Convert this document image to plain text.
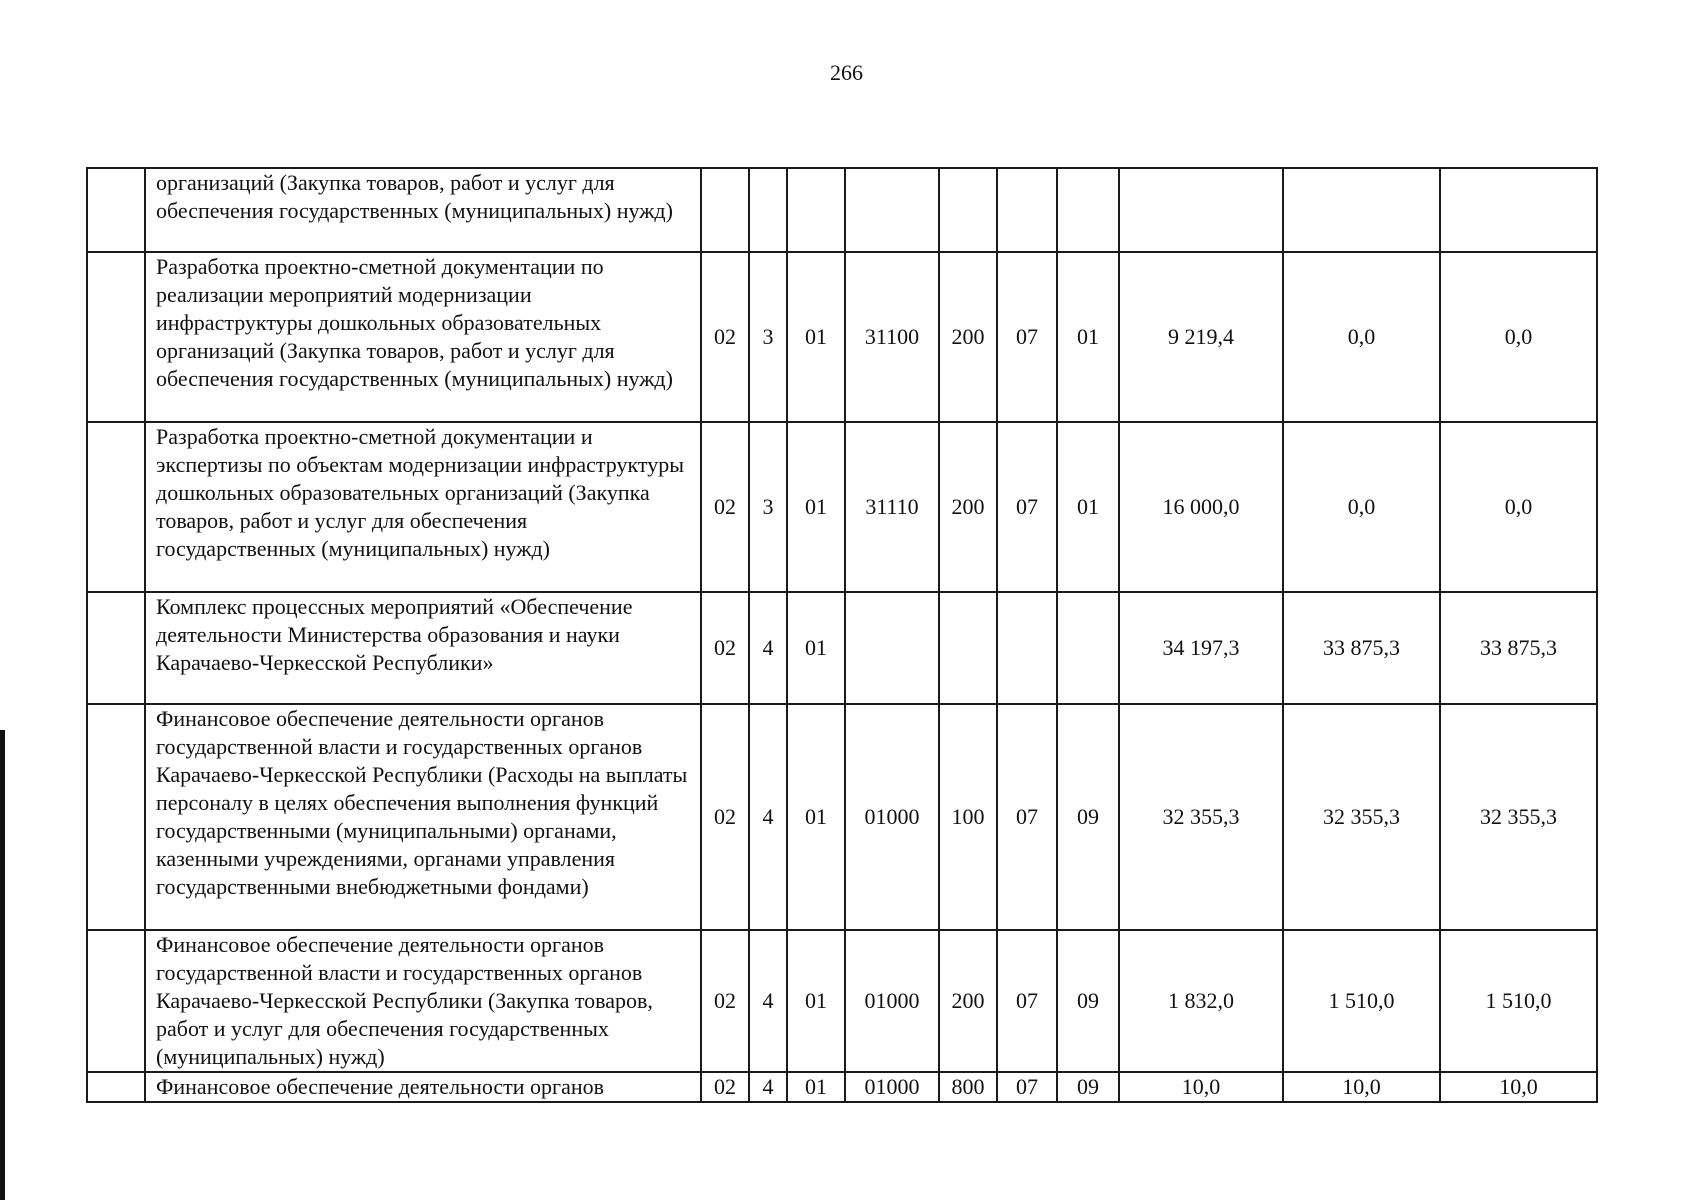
266
	организаций (Закупка товаров, работ и услуг для обеспечения государственных (муниципальных) нужд)										
	Разработка проектно-сметной документации по реализации мероприятий модернизации инфраструктуры дошкольных образовательных организаций (Закупка товаров, работ и услуг для обеспечения государственных (муниципальных) нужд)	02	3	01	31100	200	07	01	9 219,4	0,0	0,0
	Разработка проектно-сметной документации и экспертизы по объектам модернизации инфраструктуры дошкольных образовательных организаций (Закупка товаров, работ и услуг для обеспечения государственных (муниципальных) нужд)	02	3	01	31110	200	07	01	16 000,0	0,0	0,0
	Комплекс процессных мероприятий «Обеспечение деятельности Министерства образования и науки Карачаево-Черкесской Республики»	02	4	01					34 197,3	33 875,3	33 875,3
	Финансовое обеспечение деятельности органов государственной власти и государственных органов Карачаево-Черкесской Республики (Расходы на выплаты персоналу в целях обеспечения выполнения функций государственными (муниципальными) органами, казенными учреждениями, органами управления государственными внебюджетными фондами)	02	4	01	01000	100	07	09	32 355,3	32 355,3	32 355,3
	Финансовое обеспечение деятельности органов государственной власти и государственных органов Карачаево-Черкесской Республики (Закупка товаров, работ и услуг для обеспечения государственных (муниципальных) нужд)	02	4	01	01000	200	07	09	1 832,0	1 510,0	1 510,0
	Финансовое обеспечение деятельности органов	02	4	01	01000	800	07	09	10,0	10,0	10,0
